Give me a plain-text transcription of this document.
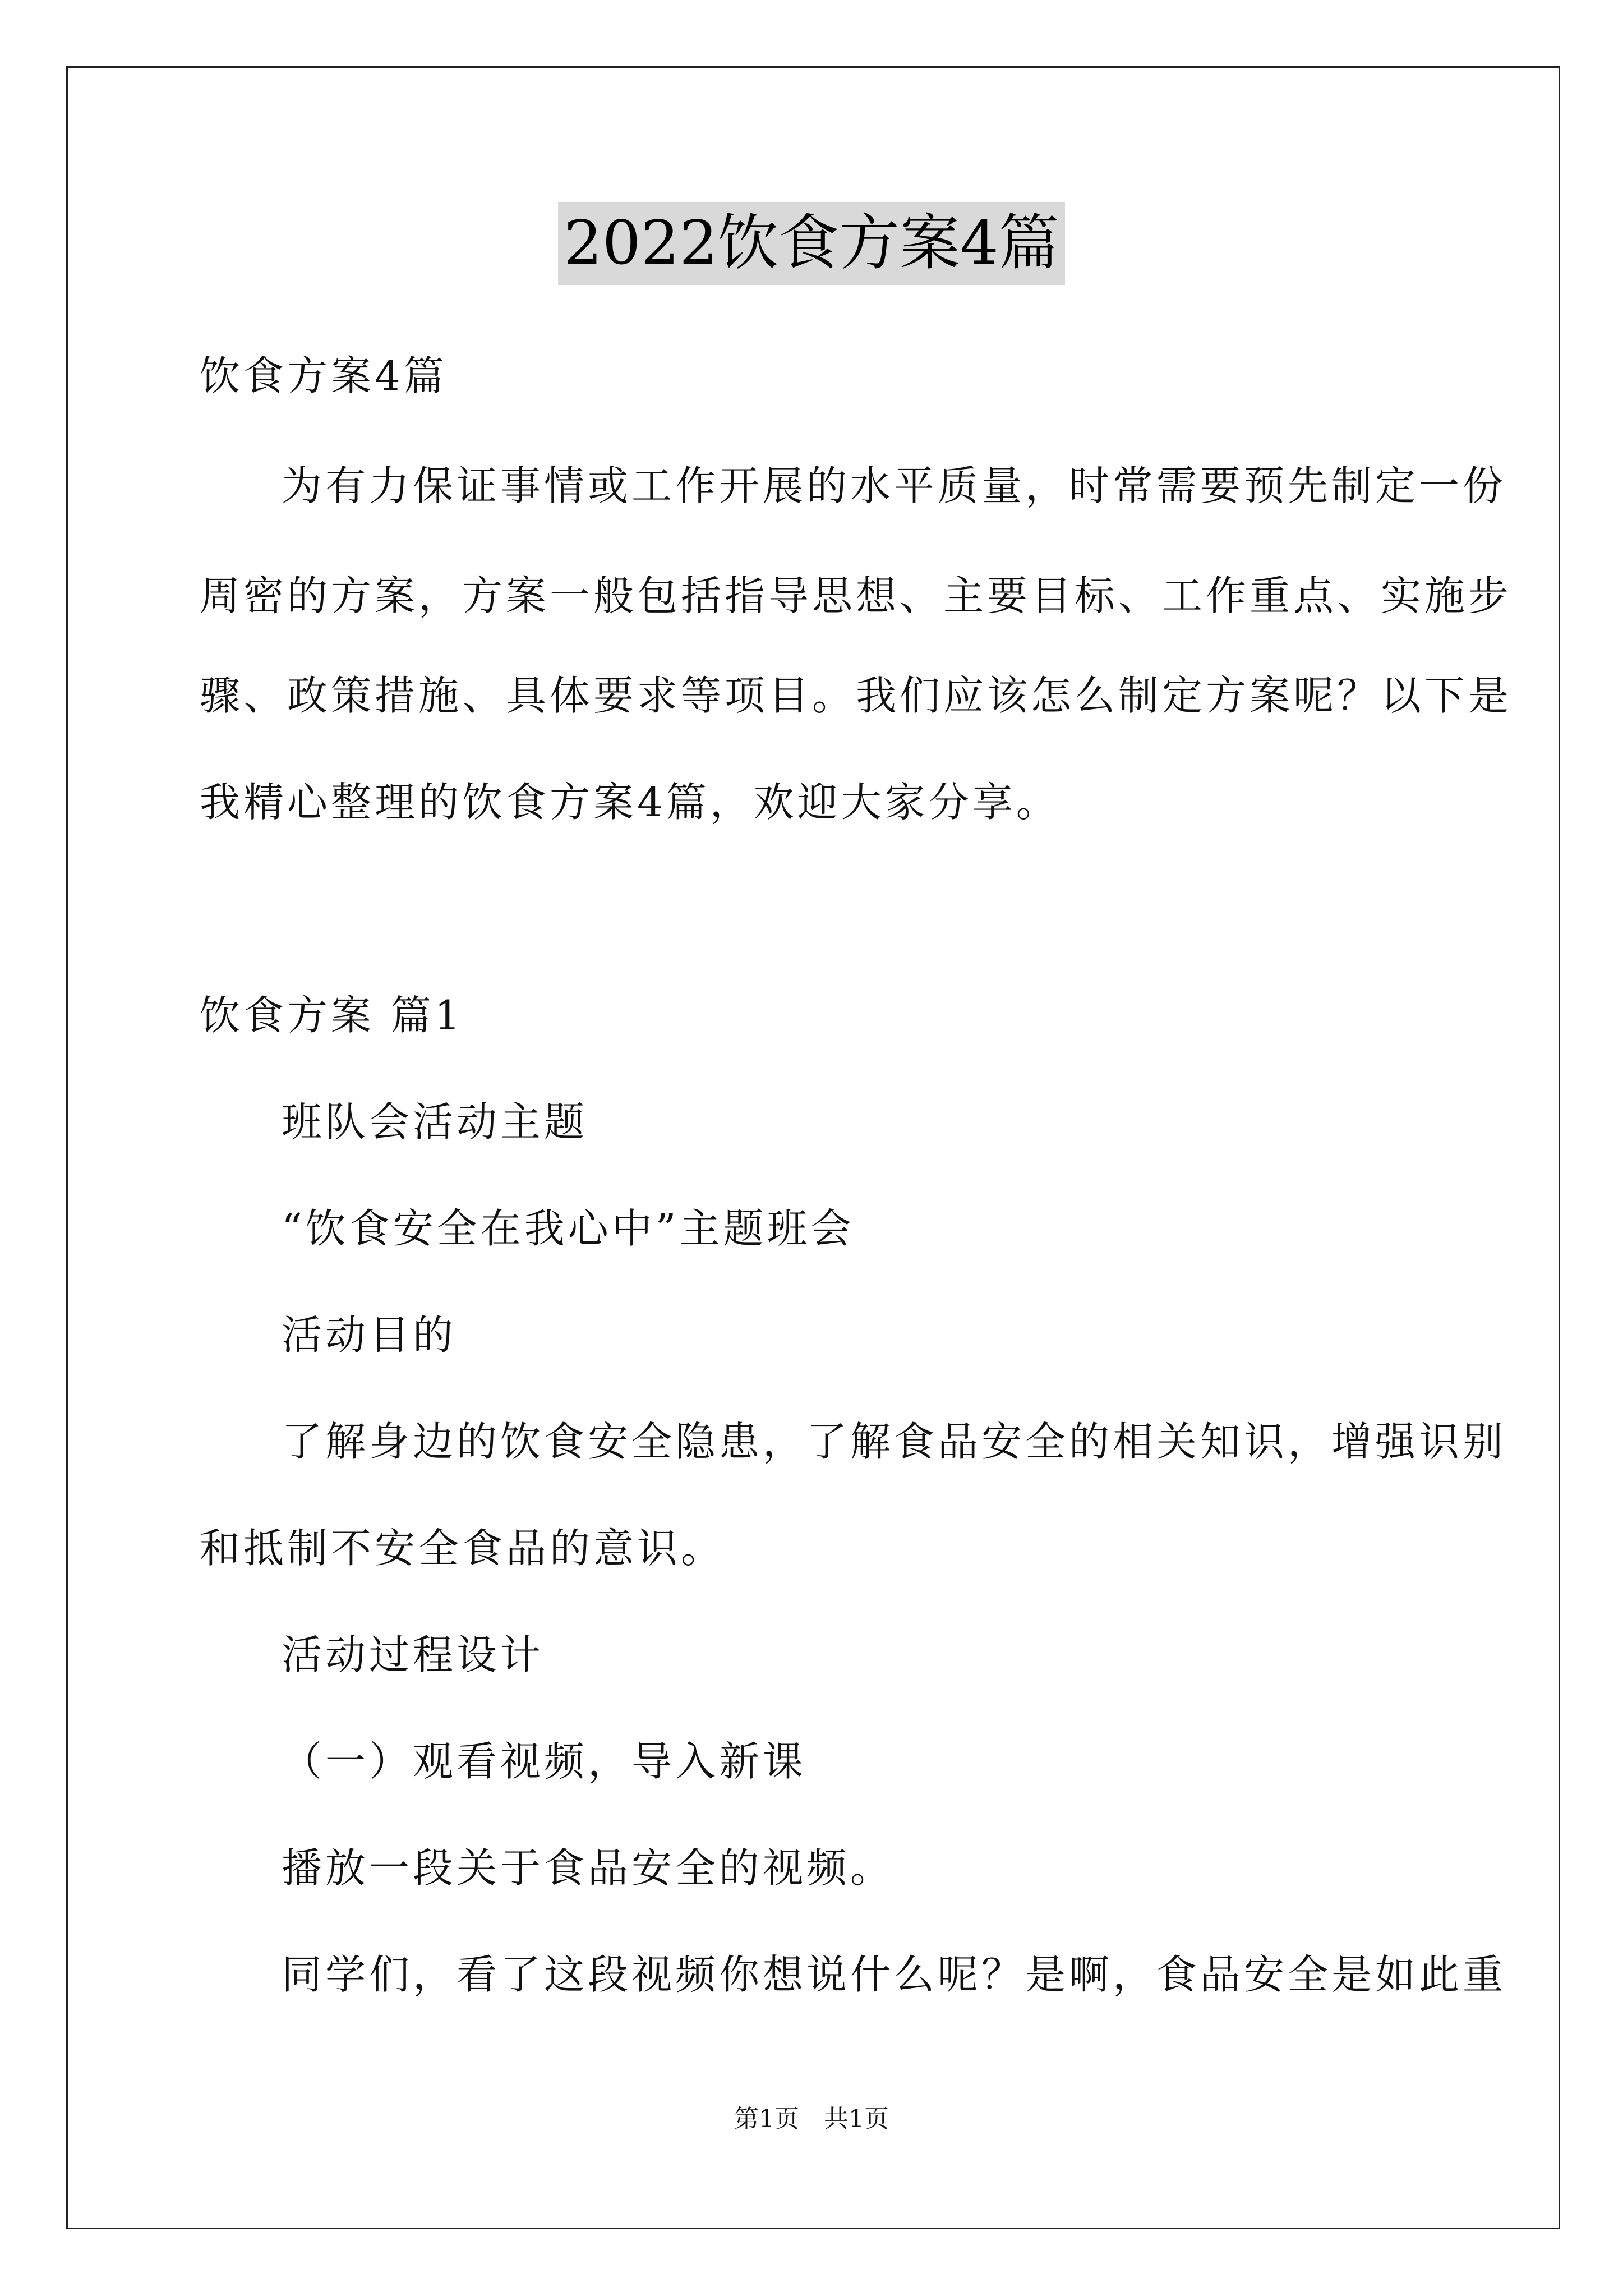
2022饮食方案4篇
饮食方案4篇
为有力保证事情或工作开展的水平质量，时常需要预先制定一份
周密的方案，方案一般包括指导思想、主要目标、工作重点、实施步
骤、政策措施、具体要求等项目。我们应该怎么制定方案呢？以下是
我精心整理的饮食方案4篇，欢迎大家分享。
饮食方案 篇1
班队会活动主题
“饮食安全在我心中”主题班会
活动目的
了解身边的饮食安全隐患，了解食品安全的相关知识，增强识别
和抵制不安全食品的意识。
活动过程设计
（一）观看视频，导入新课
播放一段关于食品安全的视频。
同学们，看了这段视频你想说什么呢？是啊，食品安全是如此重
第1页　共1页
